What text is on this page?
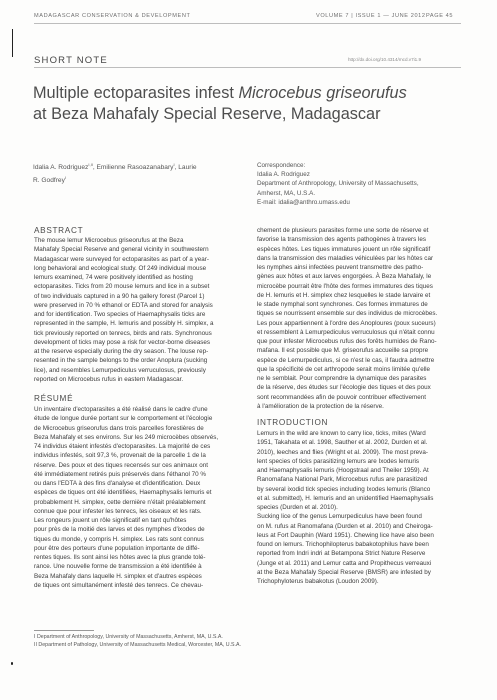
MADAGASCAR CONSERVATION & DEVELOPMENT	VOLUME 7 | ISSUE 1 — JUNE 2012 PAGE 45
SHORT NOTE	http://dx.doi.org/10.4314/mcd.v7i1.9
Multiple ectoparasites infest Microcebus griseorufus
at Beza Mahafaly Special Reserve, Madagascar
Idalia A. Rodriguez$^{I,II}$, Emilienne Rasoazanabary$^I$, Laurie
R. Godfrey$^I$
Correspondence:
Idalia A. Rodriguez
Department of Anthropology, University of Massachusetts,
Amherst, MA, U.S.A.
E-mail: idalia@anthro.umass.edu
ABSTRACT
The mouse lemur Microcebus griseorufus at the Beza
Mahafaly Special Reserve and general vicinity in southwestern
Madagascar were surveyed for ectoparasites as part of a year-
long behavioral and ecological study. Of 249 individual mouse
lemurs examined, 74 were positively identified as hosting
ectoparasites. Ticks from 20 mouse lemurs and lice in a subset
of two individuals captured in a 90 ha gallery forest (Parcel 1)
were preserved in 70 % ethanol or EDTA and stored for analysis
and for identification. Two species of Haemaphysalis ticks are
represented in the sample, H. lemuris and possibly H. simplex, a
tick previously reported on tenrecs, birds and rats. Synchronous
development of ticks may pose a risk for vector-borne diseases
at the reserve especially during the dry season. The louse rep-
resented in the sample belongs to the order Anoplura (sucking
lice), and resembles Lemurpediculus verruculosus, previously
reported on Microcebus rufus in eastern Madagascar.
RÉSUMÉ
Un inventaire d'ectoparasites a été réalisé dans le cadre d'une
étude de longue durée portant sur le comportement et l'écologie
de Microcebus griseorufus dans trois parcelles forestières de
Beza Mahafaly et ses environs. Sur les 249 microcèbes observés,
74 individus étaient infestés d'ectoparasites. La majorité de ces
individus infestés, soit 97,3 %, provenait de la parcelle 1 de la
réserve. Des poux et des tiques recensés sur ces animaux ont
été immédiatement retirés puis préservés dans l'éthanol 70 %
ou dans l'EDTA à des fins d'analyse et d'identification. Deux
espèces de tiques ont été identifiées, Haemaphysalis lemuris et
probablement H. simplex, cette dernière n'était préalablement
connue que pour infester les tenrecs, les oiseaux et les rats.
Les rongeurs jouent un rôle significatif en tant qu'hôtes
pour près de la moitié des larves et des nymphes d'ixodes de
tiques du monde, y compris H. simplex. Les rats sont connus
pour être des porteurs d'une population importante de diffé-
rentes tiques. Ils sont ainsi les hôtes avec la plus grande tolé-
rance. Une nouvelle forme de transmission a été identifiée à
Beza Mahafaly dans laquelle H. simplex et d'autres espèces
de tiques ont simultanément infesté des tenrecs. Ce chevau-
chement de plusieurs parasites forme une sorte de réserve et
favorise la transmission des agents pathogènes à travers les
espèces hôtes. Les tiques immatures jouent un rôle significatif
dans la transmission des maladies véhiculées par les hôtes car
les nymphes ainsi infectées peuvent transmettre des patho-
gènes aux hôtes et aux larves engorgées. À Beza Mahafaly, le
microcèbe pourrait être l'hôte des formes immatures des tiques
de H. lemuris et H. simplex chez lesquelles le stade larvaire et
le stade nymphal sont synchrones. Ces formes immatures de
tiques se nourrissent ensemble sur des individus de microcèbes.
Les poux appartiennent à l'ordre des Anoploures (poux suceurs)
et ressemblent à Lemurpediculus verruculosus qui n'était connu
que pour infester Microcebus rufus des forêts humides de Rano-
mafana. Il est possible que M. griseorufus accueille sa propre
espèce de Lemurpediculus, si ce n'est le cas, il faudra admettre
que la spécificité de cet arthropode serait moins limitée qu'elle
ne le semblait. Pour comprendre la dynamique des parasites
de la réserve, des études sur l'écologie des tiques et des poux
sont recommandées afin de pouvoir contribuer effectivement
à l'amélioration de la protection de la réserve.
INTRODUCTION
Lemurs in the wild are known to carry lice, ticks, mites (Ward
1951, Takahata et al. 1998, Sauther et al. 2002, Durden et al.
2010), leeches and flies (Wright et al. 2009). The most preva-
lent species of ticks parasitizing lemurs are Ixodes lemuris
and Haemaphysalis lemuris (Hoogstraal and Theiler 1959). At
Ranomafana National Park, Microcebus rufus are parasitized
by several ixodid tick species including Ixodes lemuris (Blanco
et al. submitted), H. lemuris and an unidentified Haemaphysalis
species (Durden et al. 2010).
Sucking lice of the genus Lemurpediculus have been found
on M. rufus at Ranomafana (Durden et al. 2010) and Cheiroga-
leus at Fort Dauphin (Ward 1951). Chewing lice have also been
found on lemurs. Trichophilopterus babakotophilus have been
reported from Indri indri at Betampona Strict Nature Reserve
(Junge et al. 2011) and Lemur catta and Propithecus verreauxi
at the Beza Mahafaly Special Reserve (BMSR) are infested by
Trichophyloterus babakotus (Loudon 2009).
I Department of Anthropology, University of Massachusetts, Amherst, MA, U.S.A.
II Department of Pathology, University of Massachusetts Medical, Worcester, MA, U.S.A.
